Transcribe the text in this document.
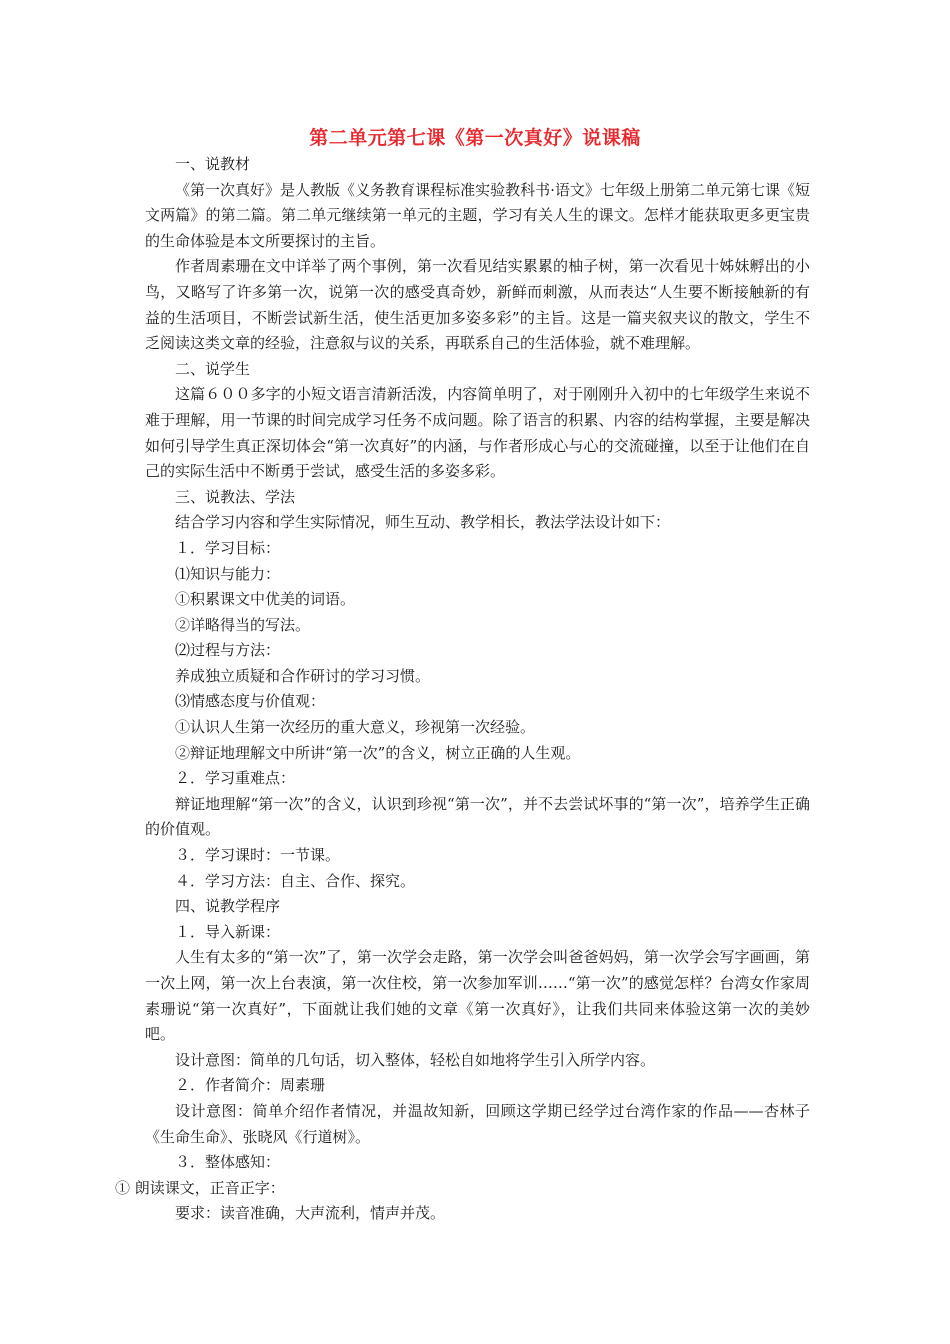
第二单元第七课《第一次真好》说课稿

一、说教材

《第一次真好》是人教版《义务教育课程标准实验教科书·语文》七年级上册第二单元第七课《短文两篇》的第二篇。第二单元继续第一单元的主题，学习有关人生的课文。怎样才能获取更多更宝贵的生命体验是本文所要探讨的主旨。

作者周素珊在文中详举了两个事例，第一次看见结实累累的柚子树，第一次看见十姊妹孵出的小鸟，又略写了许多第一次，说第一次的感受真奇妙，新鲜而刺激，从而表达“人生要不断接触新的有益的生活项目，不断尝试新生活，使生活更加多姿多彩”的主旨。这是一篇夹叙夹议的散文，学生不乏阅读这类文章的经验，注意叙与议的关系，再联系自己的生活体验，就不难理解。

二、说学生

这篇６００多字的小短文语言清新活泼，内容简单明了，对于刚刚升入初中的七年级学生来说不难于理解，用一节课的时间完成学习任务不成问题。除了语言的积累、内容的结构掌握，主要是解决如何引导学生真正深切体会“第一次真好”的内涵，与作者形成心与心的交流碰撞，以至于让他们在自己的实际生活中不断勇于尝试，感受生活的多姿多彩。

三、说教法、学法

结合学习内容和学生实际情况，师生互动、教学相长，教法学法设计如下：

１．学习目标：

⑴知识与能力：

①积累课文中优美的词语。

②详略得当的写法。

⑵过程与方法：

养成独立质疑和合作研讨的学习习惯。

⑶情感态度与价值观：

①认识人生第一次经历的重大意义，珍视第一次经验。

②辩证地理解文中所讲“第一次”的含义，树立正确的人生观。

２．学习重难点：

辩证地理解“第一次”的含义，认识到珍视“第一次”，并不去尝试坏事的“第一次”，培养学生正确的价值观。

３．学习课时：一节课。

４．学习方法：自主、合作、探究。

四、说教学程序

１．导入新课：

人生有太多的“第一次”了，第一次学会走路，第一次学会叫爸爸妈妈，第一次学会写字画画，第一次上网，第一次上台表演，第一次住校，第一次参加军训……“第一次”的感觉怎样？台湾女作家周素珊说“第一次真好”，下面就让我们她的文章《第一次真好》，让我们共同来体验这第一次的美妙吧。

设计意图：简单的几句话，切入整体，轻松自如地将学生引入所学内容。

２．作者简介：周素珊

设计意图：简单介绍作者情况，并温故知新，回顾这学期已经学过台湾作家的作品——杏林子《生命生命》、张晓风《行道树》。

３．整体感知：

① 朗读课文，正音正字：

要求：读音准确，大声流利，情声并茂。
